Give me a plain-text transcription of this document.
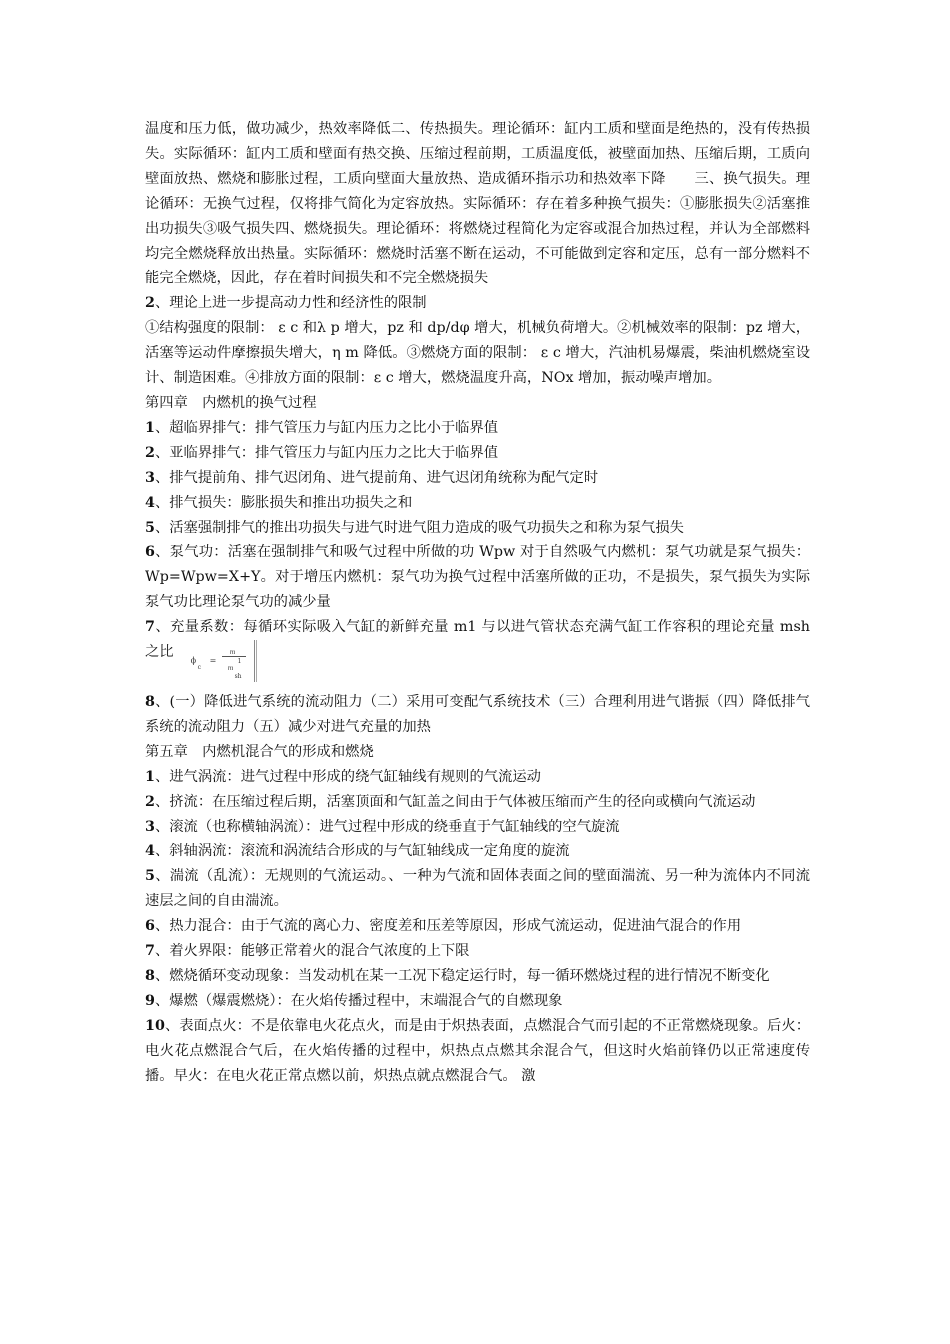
温度和压力低，做功减少，热效率降低二、传热损失。理论循环：缸内工质和壁面是绝热的，没有传热损失。实际循环：缸内工质和壁面有热交换、压缩过程前期，工质温度低，被壁面加热、压缩后期，工质向壁面放热、燃烧和膨胀过程，工质向壁面大量放热、造成循环指示功和热效率下降　　三、换气损失。理论循环：无换气过程，仅将排气简化为定容放热。实际循环：存在着多种换气损失：①膨胀损失②活塞推出功损失③吸气损失四、燃烧损失。理论循环：将燃烧过程简化为定容或混合加热过程，并认为全部燃料均完全燃烧释放出热量。实际循环：燃烧时活塞不断在运动，不可能做到定容和定压，总有一部分燃料不能完全燃烧，因此，存在着时间损失和不完全燃烧损失

2、理论上进一步提高动力性和经济性的限制

①结构强度的限制： ε c 和λ p 增大，pz 和 dp/dφ 增大，机械负荷增大。②机械效率的限制：pz 增大，活塞等运动件摩擦损失增大，η m 降低。③燃烧方面的限制： ε c 增大，汽油机易爆震，柴油机燃烧室设计、制造困难。④排放方面的限制：ε c 增大，燃烧温度升高，NOx 增加，振动噪声增加。

第四章　内燃机的换气过程

1、超临界排气：排气管压力与缸内压力之比小于临界值

2、亚临界排气：排气管压力与缸内压力之比大于临界值

3、排气提前角、排气迟闭角、进气提前角、进气迟闭角统称为配气定时

4、排气损失：膨胀损失和推出功损失之和

5、活塞强制排气的推出功损失与进气时进气阻力造成的吸气功损失之和称为泵气损失

6、泵气功：活塞在强制排气和吸气过程中所做的功 Wpw 对于自然吸气内燃机：泵气功就是泵气损失：Wp=Wpw=X+Y。对于增压内燃机：泵气功为换气过程中活塞所做的正功，不是损失，泵气损失为实际泵气功比理论泵气功的减少量

7、充量系数：每循环实际吸入气缸的新鲜充量 m1 与以进气管状态充满气缸工作容积的理论充量 msh 之比
ϕ
c
=
m
1
m
sh

8、(一）降低进气系统的流动阻力（二）采用可变配气系统技术（三）合理利用进气谐振（四）降低排气系统的流动阻力（五）减少对进气充量的加热

第五章　内燃机混合气的形成和燃烧

1、进气涡流：进气过程中形成的绕气缸轴线有规则的气流运动

2、挤流：在压缩过程后期，活塞顶面和气缸盖之间由于气体被压缩而产生的径向或横向气流运动

3、滚流（也称横轴涡流）：进气过程中形成的绕垂直于气缸轴线的空气旋流

4、斜轴涡流：滚流和涡流结合形成的与气缸轴线成一定角度的旋流

5、湍流（乱流）：无规则的气流运动。、一种为气流和固体表面之间的壁面湍流、另一种为流体内不同流速层之间的自由湍流。

6、热力混合：由于气流的离心力、密度差和压差等原因，形成气流运动，促进油气混合的作用

7、着火界限：能够正常着火的混合气浓度的上下限

8、燃烧循环变动现象：当发动机在某一工况下稳定运行时，每一循环燃烧过程的进行情况不断变化

9、爆燃（爆震燃烧）：在火焰传播过程中，末端混合气的自燃现象

10、表面点火：不是依靠电火花点火，而是由于炽热表面，点燃混合气而引起的不正常燃烧现象。后火：电火花点燃混合气后，在火焰传播的过程中，炽热点点燃其余混合气，但这时火焰前锋仍以正常速度传播。早火：在电火花正常点燃以前，炽热点就点燃混合气。 激
